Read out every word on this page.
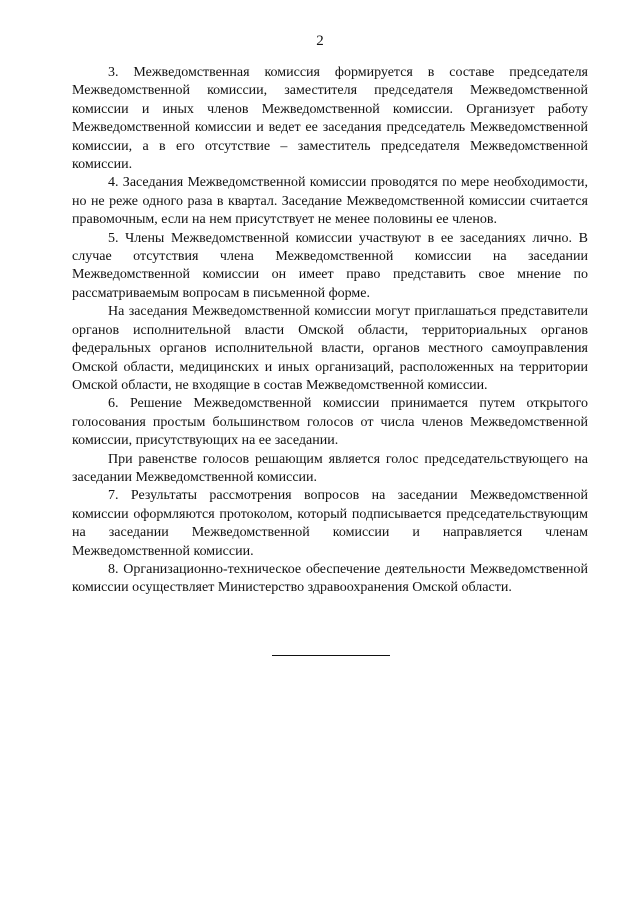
2

3. Межведомственная комиссия формируется в составе председателя Межведомственной комиссии, заместителя председателя Межведомственной комиссии и иных членов Межведомственной комиссии. Организует работу Межведомственной комиссии и ведет ее заседания председатель Межведомственной комиссии, а в его отсутствие – заместитель председателя Межведомственной комиссии.

4. Заседания Межведомственной комиссии проводятся по мере необходимости, но не реже одного раза в квартал. Заседание Межведомственной комиссии считается правомочным, если на нем присутствует не менее половины ее членов.

5. Члены Межведомственной комиссии участвуют в ее заседаниях лично. В случае отсутствия члена Межведомственной комиссии на заседании Межведомственной комиссии он имеет право представить свое мнение по рассматриваемым вопросам в письменной форме.

На заседания Межведомственной комиссии могут приглашаться представители органов исполнительной власти Омской области, территориальных органов федеральных органов исполнительной власти, органов местного самоуправления Омской области, медицинских и иных организаций, расположенных на территории Омской области, не входящие в состав Межведомственной комиссии.

6. Решение Межведомственной комиссии принимается путем открытого голосования простым большинством голосов от числа членов Межведомственной комиссии, присутствующих на ее заседании.

При равенстве голосов решающим является голос председательствующего на заседании Межведомственной комиссии.

7. Результаты рассмотрения вопросов на заседании Межведомственной комиссии оформляются протоколом, который подписывается председательствующим на заседании Межведомственной комиссии и направляется членам Межведомственной комиссии.

8. Организационно-техническое обеспечение деятельности Межведомственной комиссии осуществляет Министерство здравоохранения Омской области.
